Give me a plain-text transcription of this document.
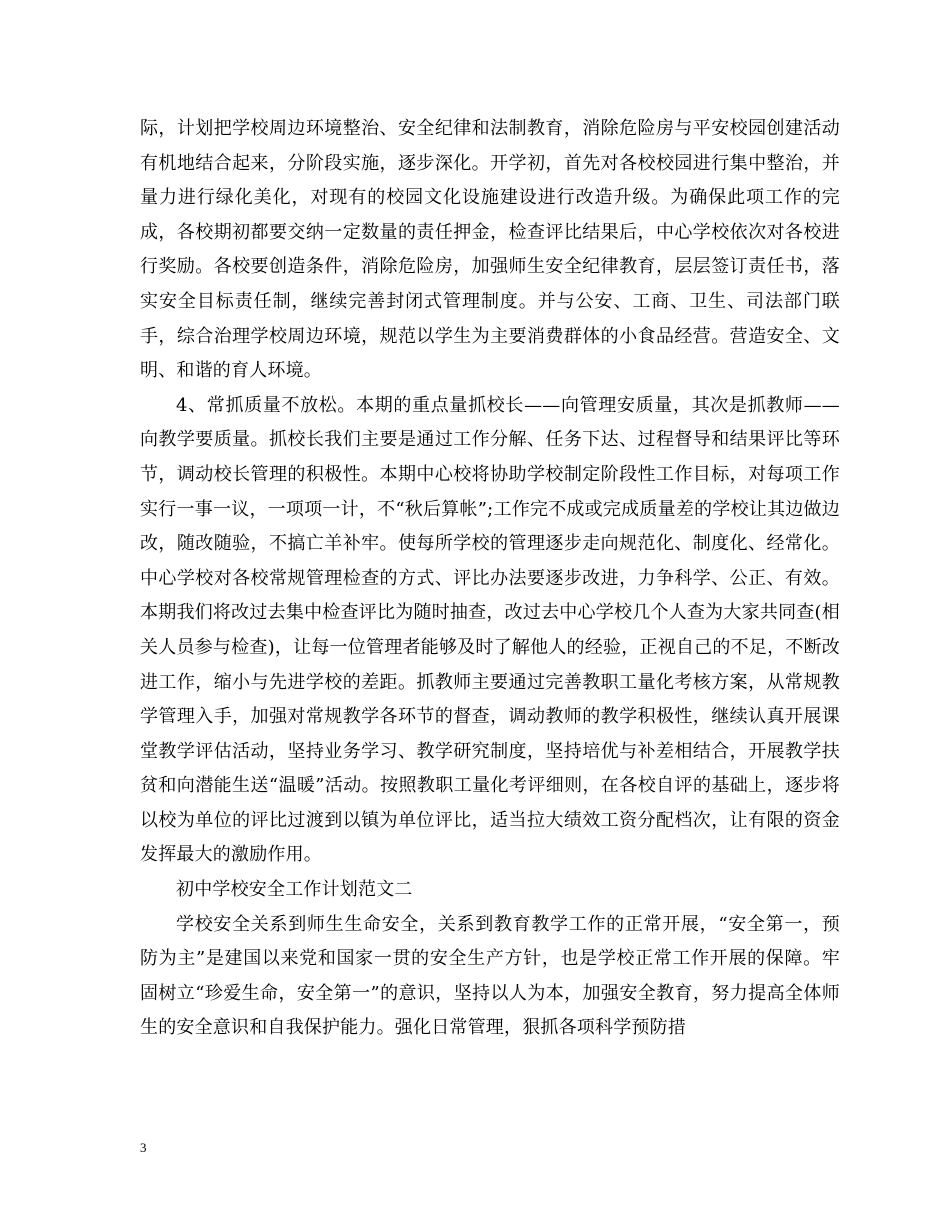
际，计划把学校周边环境整治、安全纪律和法制教育，消除危险房与平安校园创建活动有机地结合起来，分阶段实施，逐步深化。开学初，首先对各校校园进行集中整治，并量力进行绿化美化，对现有的校园文化设施建设进行改造升级。为确保此项工作的完成，各校期初都要交纳一定数量的责任押金，检查评比结果后，中心学校依次对各校进行奖励。各校要创造条件，消除危险房，加强师生安全纪律教育，层层签订责任书，落实安全目标责任制，继续完善封闭式管理制度。并与公安、工商、卫生、司法部门联手，综合治理学校周边环境，规范以学生为主要消费群体的小食品经营。营造安全、文明、和谐的育人环境。

4、常抓质量不放松。本期的重点量抓校长——向管理安质量，其次是抓教师——向教学要质量。抓校长我们主要是通过工作分解、任务下达、过程督导和结果评比等环节，调动校长管理的积极性。本期中心校将协助学校制定阶段性工作目标，对每项工作实行一事一议，一项项一计，不“秋后算帐”;工作完不成或完成质量差的学校让其边做边改，随改随验，不搞亡羊补牢。使每所学校的管理逐步走向规范化、制度化、经常化。中心学校对各校常规管理检查的方式、评比办法要逐步改进，力争科学、公正、有效。本期我们将改过去集中检查评比为随时抽查，改过去中心学校几个人查为大家共同查(相关人员参与检查)，让每一位管理者能够及时了解他人的经验，正视自己的不足，不断改进工作，缩小与先进学校的差距。抓教师主要通过完善教职工量化考核方案，从常规教学管理入手，加强对常规教学各环节的督查，调动教师的教学积极性，继续认真开展课堂教学评估活动，坚持业务学习、教学研究制度，坚持培优与补差相结合，开展教学扶贫和向潜能生送“温暖”活动。按照教职工量化考评细则，在各校自评的基础上，逐步将以校为单位的评比过渡到以镇为单位评比，适当拉大绩效工资分配档次，让有限的资金发挥最大的激励作用。

初中学校安全工作计划范文二

学校安全关系到师生生命安全，关系到教育教学工作的正常开展，“安全第一，预防为主”是建国以来党和国家一贯的安全生产方针，也是学校正常工作开展的保障。牢固树立“珍爱生命，安全第一”的意识，坚持以人为本，加强安全教育，努力提高全体师生的安全意识和自我保护能力。强化日常管理，狠抓各项科学预防措

3
